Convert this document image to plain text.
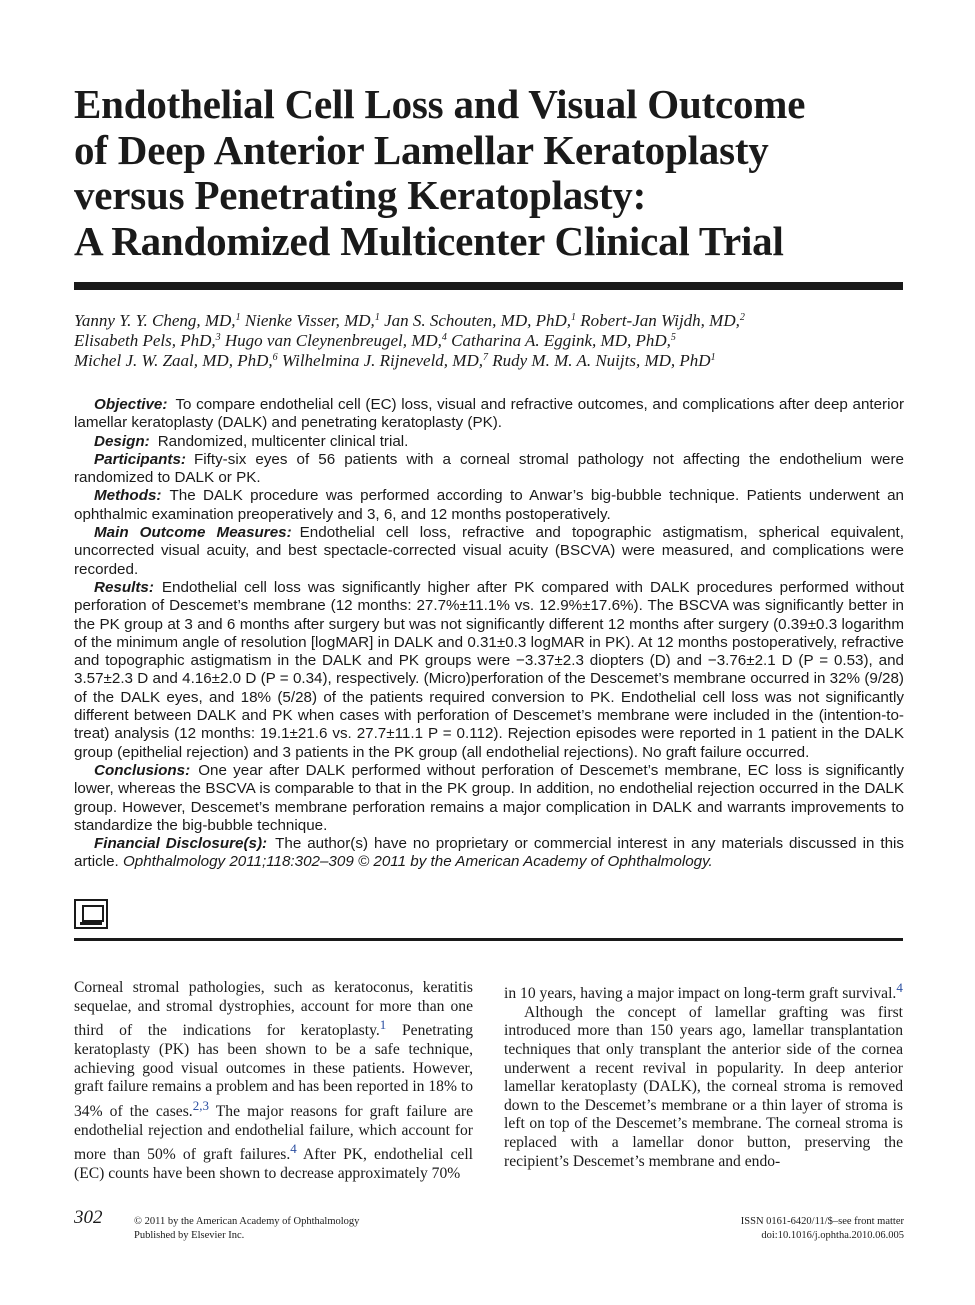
Endothelial Cell Loss and Visual Outcome
of Deep Anterior Lamellar Keratoplasty
versus Penetrating Keratoplasty:
A Randomized Multicenter Clinical Trial
Yanny Y. Y. Cheng, MD,$^1$ Nienke Visser, MD,$^1$ Jan S. Schouten, MD, PhD,$^1$ Robert-Jan Wijdh, MD,$^2$
Elisabeth Pels, PhD,$^3$ Hugo van Cleynenbreugel, MD,$^4$ Catharina A. Eggink, MD, PhD,$^5$
Michel J. W. Zaal, MD, PhD,$^6$ Wilhelmina J. Rijneveld, MD,$^7$ Rudy M. M. A. Nuijts, MD, PhD$^1$

Objective: To compare endothelial cell (EC) loss, visual and refractive outcomes, and complications after deep anterior lamellar keratoplasty (DALK) and penetrating keratoplasty (PK).

Design: Randomized, multicenter clinical trial.

Participants: Fifty-six eyes of 56 patients with a corneal stromal pathology not affecting the endothelium were randomized to DALK or PK.

Methods: The DALK procedure was performed according to Anwar’s big-bubble technique. Patients underwent an ophthalmic examination preoperatively and 3, 6, and 12 months postoperatively.

Main Outcome Measures: Endothelial cell loss, refractive and topographic astigmatism, spherical equivalent, uncorrected visual acuity, and best spectacle-corrected visual acuity (BSCVA) were measured, and complications were recorded.

Results: Endothelial cell loss was significantly higher after PK compared with DALK procedures performed without perforation of Descemet’s membrane (12 months: 27.7%±11.1% vs. 12.9%±17.6%). The BSCVA was significantly better in the PK group at 3 and 6 months after surgery but was not significantly different 12 months after surgery (0.39±0.3 logarithm of the minimum angle of resolution [logMAR] in DALK and 0.31±0.3 logMAR in PK). At 12 months postoperatively, refractive and topographic astigmatism in the DALK and PK groups were −3.37±2.3 diopters (D) and −3.76±2.1 D (P = 0.53), and 3.57±2.3 D and 4.16±2.0 D (P = 0.34), respectively. (Micro)perforation of the Descemet’s membrane occurred in 32% (9/28) of the DALK eyes, and 18% (5/28) of the patients required conversion to PK. Endothelial cell loss was not significantly different between DALK and PK when cases with perforation of Descemet’s membrane were included in the (intention-to-treat) analysis (12 months: 19.1±21.6 vs. 27.7±11.1 P = 0.112). Rejection episodes were reported in 1 patient in the DALK group (epithelial rejection) and 3 patients in the PK group (all endothelial rejections). No graft failure occurred.

Conclusions: One year after DALK performed without perforation of Descemet’s membrane, EC loss is significantly lower, whereas the BSCVA is comparable to that in the PK group. In addition, no endothelial rejection occurred in the DALK group. However, Descemet’s membrane perforation remains a major complication in DALK and warrants improvements to standardize the big-bubble technique.

Financial Disclosure(s): The author(s) have no proprietary or commercial interest in any materials discussed in this article. Ophthalmology 2011;118:302–309 © 2011 by the American Academy of Ophthalmology.

Corneal stromal pathologies, such as keratoconus, keratitis sequelae, and stromal dystrophies, account for more than one third of the indications for keratoplasty.$^1$ Penetrating keratoplasty (PK) has been shown to be a safe technique, achieving good visual outcomes in these patients. However, graft failure remains a problem and has been reported in 18% to 34% of the cases.$^{2,3}$ The major reasons for graft failure are endothelial rejection and endothelial failure, which account for more than 50% of graft failures.$^4$ After PK, endothelial cell (EC) counts have been shown to decrease approximately 70%

in 10 years, having a major impact on long-term graft survival.$^4$

Although the concept of lamellar grafting was first introduced more than 150 years ago, lamellar transplantation techniques that only transplant the anterior side of the cornea underwent a recent revival in popularity. In deep anterior lamellar keratoplasty (DALK), the corneal stroma is removed down to the Descemet’s membrane or a thin layer of stroma is left on top of the Descemet’s membrane. The corneal stroma is replaced with a lamellar donor button, preserving the recipient’s Descemet’s membrane and endo-

302	© 2011 by the American Academy of Ophthalmology
Published by Elsevier Inc.
ISSN 0161-6420/11/$–see front matter
doi:10.1016/j.ophtha.2010.06.005
